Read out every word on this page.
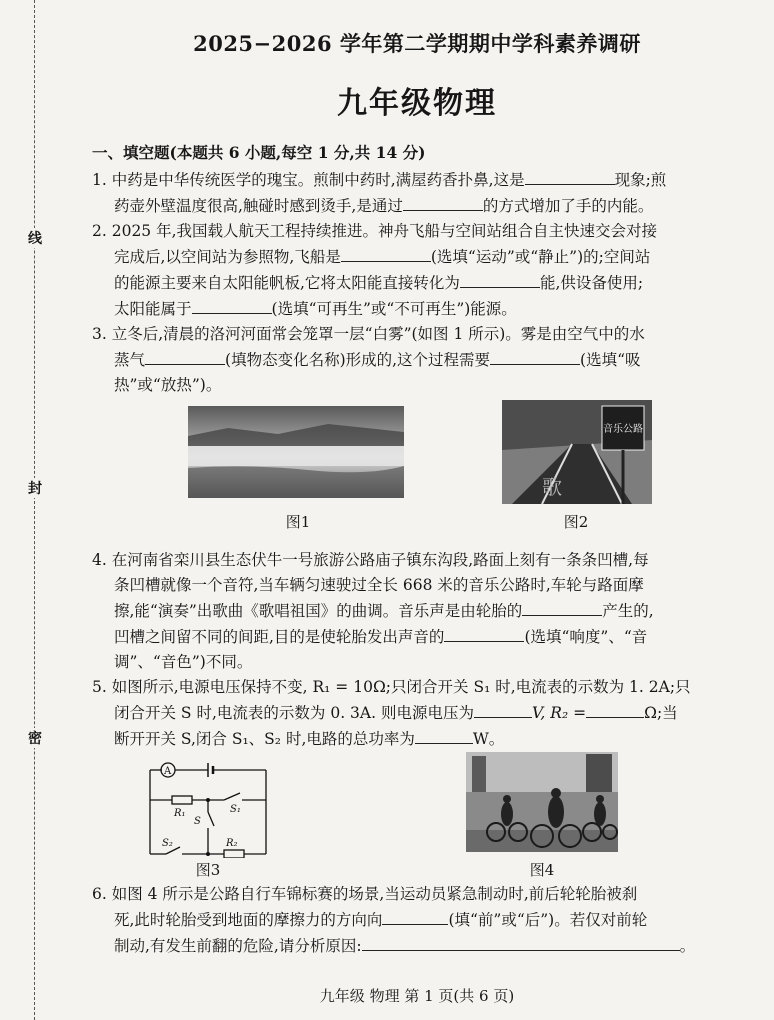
线
封
密
2025−2026 学年第二学期期中学科素养调研
九年级物理
一、填空题(本题共 6 小题,每空 1 分,共 14 分)
1. 中药是中华传统医学的瑰宝。煎制中药时,满屋药香扑鼻,这是	现象;煎
药壶外壁温度很高,触碰时感到烫手,是通过	的方式增加了手的内能。
2. 2025 年,我国载人航天工程持续推进。神舟飞船与空间站组合自主快速交会对接
完成后,以空间站为参照物,飞船是	(选填“运动”或“静止”)的;空间站
的能源主要来自太阳能帆板,它将太阳能直接转化为	能,供设备使用;
太阳能属于	(选填“可再生”或“不可再生”)能源。
3. 立冬后,清晨的洛河河面常会笼罩一层“白雾”(如图 1 所示)。雾是由空气中的水
蒸气	(填物态变化名称)形成的,这个过程需要	(选填“吸
热”或“放热”)。
图1
音乐公路
歌
图2
4. 在河南省栾川县生态伏牛一号旅游公路庙子镇东沟段,路面上刻有一条条凹槽,每
条凹槽就像一个音符,当车辆匀速驶过全长 668 米的音乐公路时,车轮与路面摩
擦,能“演奏”出歌曲《歌唱祖国》的曲调。音乐声是由轮胎的	产生的,
凹槽之间留不同的间距,目的是使轮胎发出声音的	(选填“响度”、“音
调”、“音色”)不同。
5. 如图所示,电源电压保持不变, R₁ = 10Ω;只闭合开关 S₁ 时,电流表的示数为 1. 2A;只
闭合开关 S 时,电流表的示数为 0. 3A. 则电源电压为	V, R₂ =	Ω;当
断开开关 S,闭合 S₁、S₂ 时,电路的总功率为	W。
A
R₁	S₁
S
S₂	R₂
图3	图4
6. 如图 4 所示是公路自行车锦标赛的场景,当运动员紧急制动时,前后轮轮胎被刹
死,此时轮胎受到地面的摩擦力的方向向	(填“前”或“后”)。若仅对前轮
制动,有发生前翻的危险,请分析原因:	。
九年级 物理 第 1 页(共 6 页)
